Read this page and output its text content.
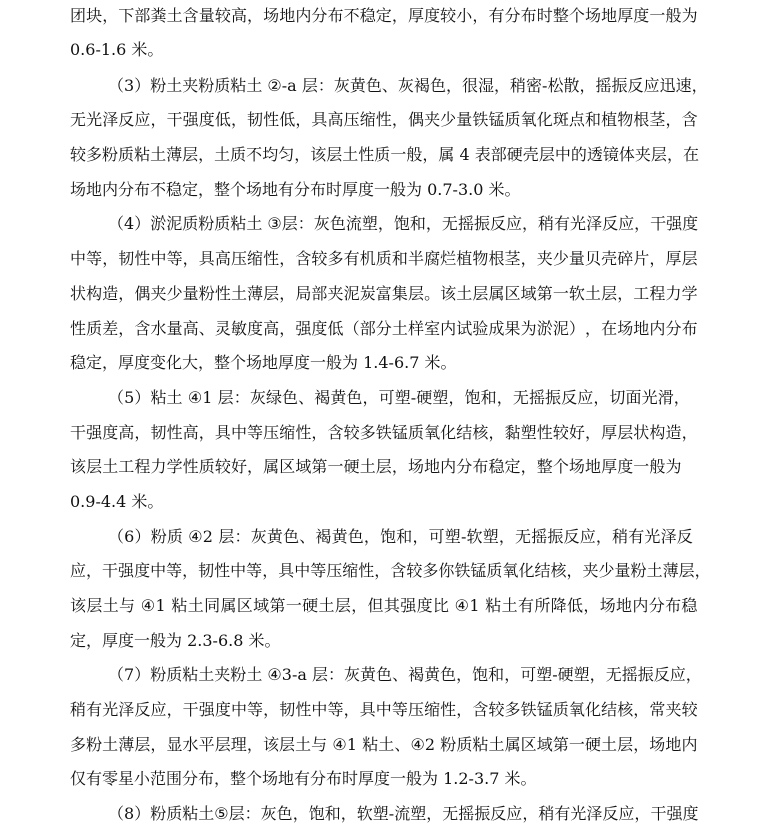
团 块 ， 下 部 粪 土 含 量 较 高 ， 场 地 内 分 布 不 稳 定 ， 厚 度 较 小 ， 有 分 布 时 整 个 场 地 厚 度 一 般 为
0.6-1.6 米。
（ 3 ） 粉 土 夹 粉 质 粘 土
② - a
层 ： 灰 黄 色 、 灰 褐 色 ， 很 湿 ， 稍 密 - 松 散 ， 摇 振 反 应 迅 速 ，
无 光 泽 反 应 ， 干 强 度 低 ， 韧 性 低 ， 具 高 压 缩 性 ， 偶 夹 少 量 铁 锰 质 氧 化 斑 点 和 植 物 根 茎 ， 含
较 多 粉 质 粘 土 薄 层 ， 土 质 不 均 匀 ， 该 层 土 性 质 一 般 ， 属
4
表 部 硬 壳 层 中 的 透 镜 体 夹 层 ， 在
场地内分布不稳定，整个场地有分布时厚度一般为 0.7-3.0 米。
（ 4 ） 淤 泥 质 粉 质 粘 土
③ 层 ： 灰 色 流 塑 ， 饱 和 ， 无 摇 振 反 应 ， 稍 有 光 泽 反 应 ， 干 强 度
中 等 ， 韧 性 中 等 ， 具 高 压 缩 性 ， 含 较 多 有 机 质 和 半 腐 烂 植 物 根 茎 ， 夹 少 量 贝 壳 碎 片 ， 厚 层
状 构 造 ， 偶 夹 少 量 粉 性 土 薄 层 ， 局 部 夹 泥 炭 富 集 层 。 该 土 层 属 区 域 第 一 软 土 层 ， 工 程 力 学
性 质 差 ， 含 水 量 高 、 灵 敏 度 高 ， 强 度 低 （ 部 分 土 样 室 内 试 验 成 果 为 淤 泥 ） ， 在 场 地 内 分 布
稳定，厚度变化大，整个场地厚度一般为 1.4-6.7 米。
（ 5 ） 粘 土
④ 1
层 ： 灰 绿 色 、 褐 黄 色 ， 可 塑 - 硬 塑 ， 饱 和 ， 无 摇 振 反 应 ， 切 面 光 滑 ，
干 强 度 高 ， 韧 性 高 ， 具 中 等 压 缩 性 ， 含 较 多 铁 锰 质 氧 化 结 核 ， 黏 塑 性 较 好 ， 厚 层 状 构 造 ，
该 层 土 工 程 力 学 性 质 较 好 ， 属 区 域 第 一 硬 土 层 ， 场 地 内 分 布 稳 定 ， 整 个 场 地 厚 度 一 般 为
0.9-4.4 米。
（ 6 ） 粉 质
④ 2
层 ： 灰 黄 色 、 褐 黄 色 ， 饱 和 ， 可 塑 - 软 塑 ， 无 摇 振 反 应 ， 稍 有 光 泽 反
应 ， 干 强 度 中 等 ， 韧 性 中 等 ， 具 中 等 压 缩 性 ， 含 较 多 你 铁 锰 质 氧 化 结 核 ， 夹 少 量 粉 土 薄 层 ，
该 层 土 与
④ 1
粘 土 同 属 区 域 第 一 硬 土 层 ， 但 其 强 度 比
④ 1
粘 土 有 所 降 低 ， 场 地 内 分 布 稳
定，厚度一般为 2.3-6.8 米。
（ 7 ） 粉 质 粘 土 夹 粉 土
④ 3 - a
层 ： 灰 黄 色 、 褐 黄 色 ， 饱 和 ， 可 塑 - 硬 塑 ， 无 摇 振 反 应 ，
稍 有 光 泽 反 应 ， 干 强 度 中 等 ， 韧 性 中 等 ， 具 中 等 压 缩 性 ， 含 较 多 铁 锰 质 氧 化 结 核 ， 常 夹 较
多 粉 土 薄 层 ， 显 水 平 层 理 ， 该 层 土 与
④ 1
粘 土 、 ④ 2
粉 质 粘 土 属 区 域 第 一 硬 土 层 ， 场 地 内
仅有零星小范围分布，整个场地有分布时厚度一般为 1.2-3.7 米。
（ 8 ） 粉 质 粘 土 ⑤ 层 ： 灰 色 ， 饱 和 ， 软 塑 - 流 塑 ， 无 摇 振 反 应 ， 稍 有 光 泽 反 应 ， 干 强 度
